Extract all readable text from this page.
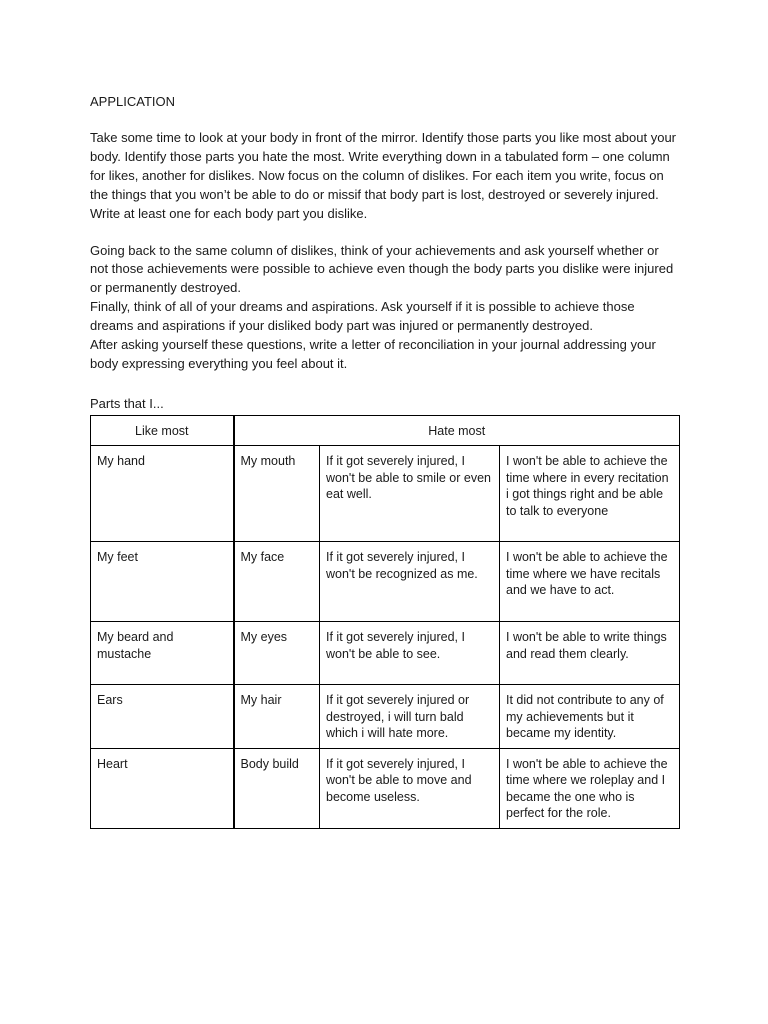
APPLICATION

Take some time to look at your body in front of the mirror. Identify those parts you like most about your body. Identify those parts you hate the most. Write everything down in a tabulated form – one column for likes, another for dislikes. Now focus on the column of dislikes. For each item you write, focus on the things that you won’t be able to do or missif that body part is lost, destroyed or severely injured. Write at least one for each body part you dislike.

Going back to the same column of dislikes, think of your achievements and ask yourself whether or not those achievements were possible to achieve even though the body parts you dislike were injured or permanently destroyed.

Finally, think of all of your dreams and aspirations. Ask yourself if it is possible to achieve those dreams and aspirations if your disliked body part was injured or permanently destroyed.

After asking yourself these questions, write a letter of reconciliation in your journal addressing your body expressing everything you feel about it.

Parts that I...

Like most	Hate most		
My hand	My mouth	If it got severely injured, I won't be able to smile or even eat well.	I won't be able to achieve the time where in every recitation i got things right and be able to talk to everyone
My feet	My face	If it got severely injured, I won't be recognized as me.	I won't be able to achieve the time where we have recitals and we have to act.
My beard and mustache	My eyes	If it got severely injured, I won't be able to see.	I won't be able to write things and read them clearly.
Ears	My hair	If it got severely injured or destroyed, i will turn bald which i will hate more.	It did not contribute to any of my achievements but it became my identity.
Heart	Body build	If it got severely injured, I won't be able to move and become useless.	I won't be able to achieve the time where we roleplay and I became the one who is perfect for the role.
